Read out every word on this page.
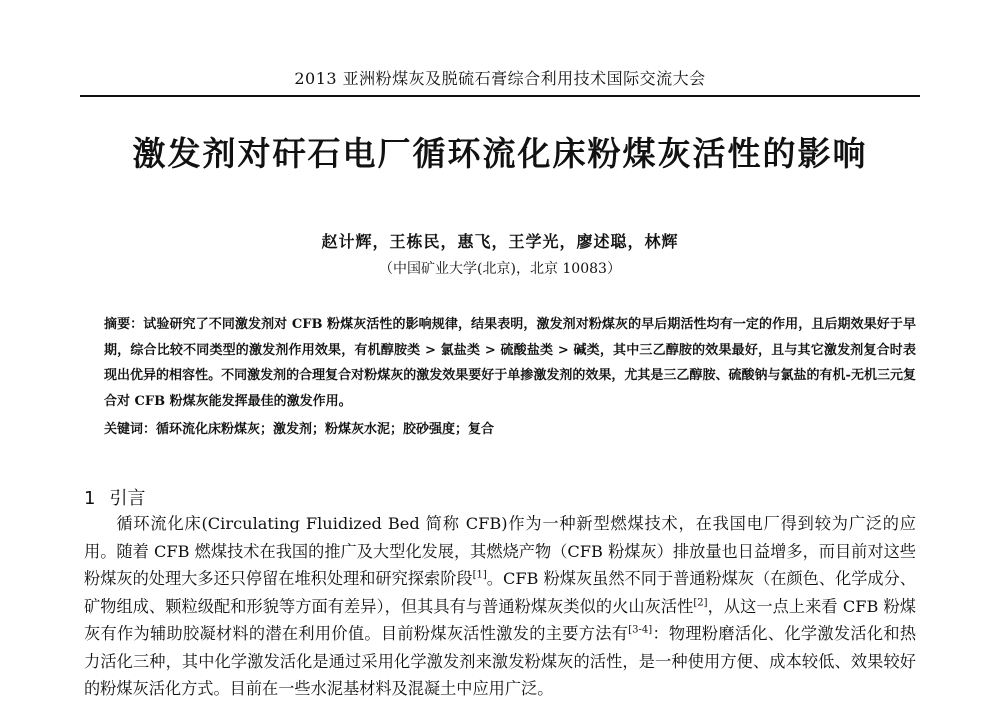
2013 亚洲粉煤灰及脱硫石膏综合利用技术国际交流大会
激发剂对矸石电厂循环流化床粉煤灰活性的影响
赵计辉，王栋民，惠飞，王学光，廖述聪，林辉
（中国矿业大学(北京)，北京 10083）
摘要：试验研究了不同激发剂对 CFB 粉煤灰活性的影响规律，结果表明，激发剂对粉煤灰的早后期活性均有一定的作用，且后期效果好于早期，综合比较不同类型的激发剂作用效果，有机醇胺类 > 氯盐类 > 硫酸盐类 > 碱类，其中三乙醇胺的效果最好，且与其它激发剂复合时表现出优异的相容性。不同激发剂的合理复合对粉煤灰的激发效果要好于单掺激发剂的效果，尤其是三乙醇胺、硫酸钠与氯盐的有机-无机三元复合对 CFB 粉煤灰能发挥最佳的激发作用。
关键词：循环流化床粉煤灰；激发剂；粉煤灰水泥；胶砂强度；复合
1 引言
循环流化床(Circulating Fluidized Bed 简称 CFB)作为一种新型燃煤技术，在我国电厂得到较为广泛的应用。随着 CFB 燃煤技术在我国的推广及大型化发展，其燃烧产物（CFB 粉煤灰）排放量也日益增多，而目前对这些粉煤灰的处理大多还只停留在堆积处理和研究探索阶段[1]。CFB 粉煤灰虽然不同于普通粉煤灰（在颜色、化学成分、矿物组成、颗粒级配和形貌等方面有差异），但其具有与普通粉煤灰类似的火山灰活性[2]，从这一点上来看 CFB 粉煤灰有作为辅助胶凝材料的潜在利用价值。目前粉煤灰活性激发的主要方法有[3-4]：物理粉磨活化、化学激发活化和热力活化三种，其中化学激发活化是通过采用化学激发剂来激发粉煤灰的活性，是一种使用方便、成本较低、效果较好的粉煤灰活化方式。目前在一些水泥基材料及混凝土中应用广泛。
